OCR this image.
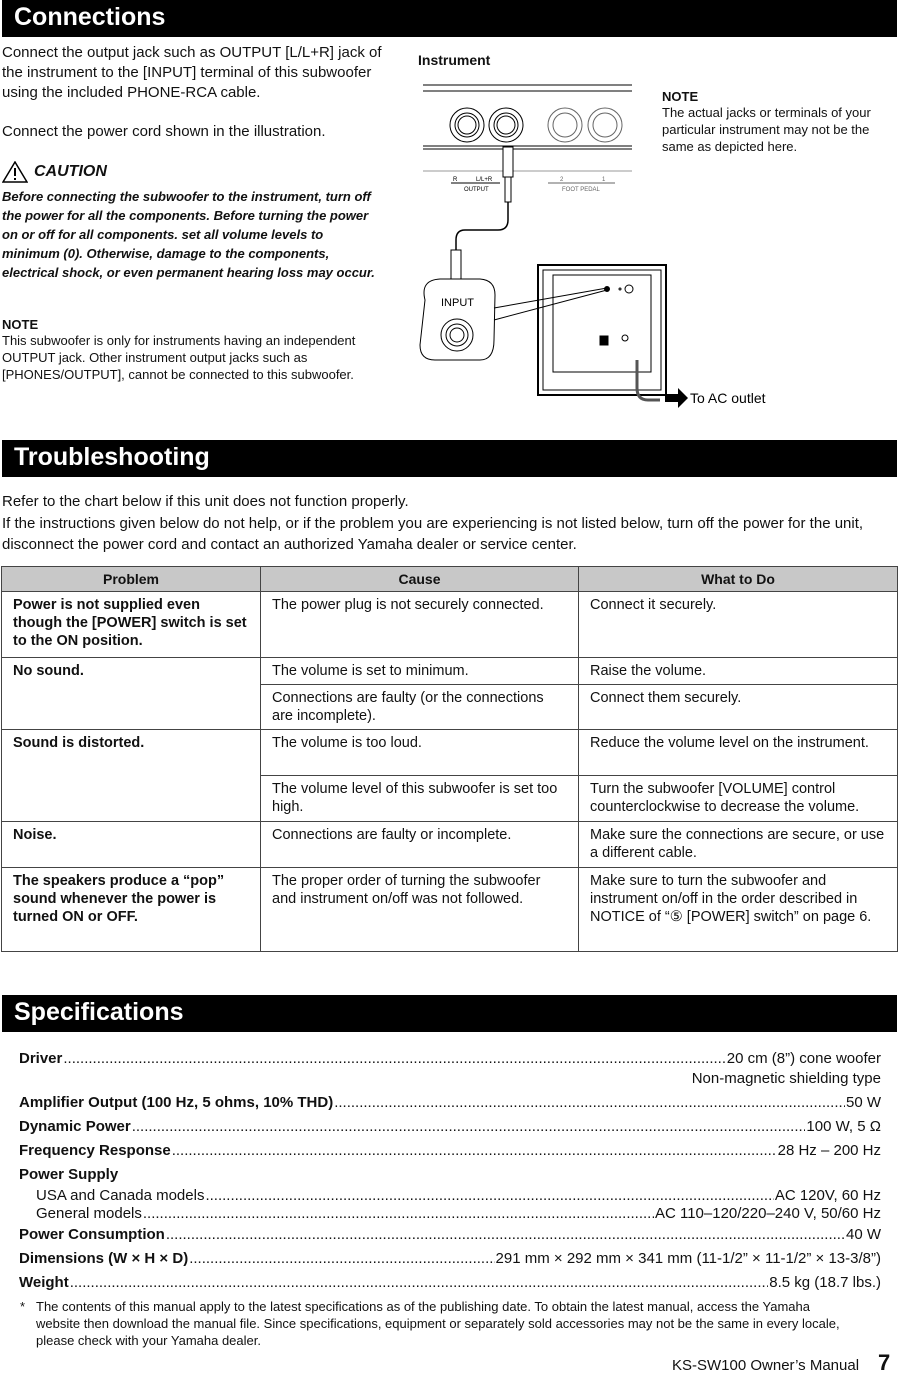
Connections
Connect the output jack such as OUTPUT [L/L+R] jack of the instrument to the [INPUT] terminal of this subwoofer using the included PHONE-RCA cable.
Connect the power cord shown in the illustration.
CAUTION
Before connecting the subwoofer to the instrument, turn off the power for all the components. Before turning the power on or off for all components. set all volume levels to minimum (0). Otherwise, damage to the components, electrical shock, or even permanent hearing loss may occur.
NOTE
This subwoofer is only for instruments having an independent OUTPUT jack. Other instrument output jacks such as [PHONES/OUTPUT], cannot be connected to this subwoofer.
Instrument
NOTE
The actual jacks or terminals of your particular instrument may not be the same as depicted here.
R	L/L+R
OUTPUT
2	1
FOOT PEDAL
INPUT
To AC outlet
Troubleshooting
Refer to the chart below if this unit does not function properly.
If the instructions given below do not help, or if the problem you are experiencing is not listed below, turn off the power for the unit, disconnect the power cord and contact an authorized Yamaha dealer or service center.
Problem	Cause	What to Do
Power is not supplied even though the [POWER] switch is set to the ON position.	The power plug is not securely connected.	Connect it securely.
No sound.	The volume is set to minimum.	Raise the volume.
	Connections are faulty (or the connections are incomplete).	Connect them securely.
Sound is distorted.	The volume is too loud.	Reduce the volume level on the instrument.
	The volume level of this subwoofer is set too high.	Turn the subwoofer [VOLUME] control counterclockwise to decrease the volume.
Noise.	Connections are faulty or incomplete.	Make sure the connections are secure, or use a different cable.
The speakers produce a “pop” sound whenever the power is turned ON or OFF.	The proper order of turning the subwoofer and instrument on/off was not followed.	Make sure to turn the subwoofer and instrument on/off in the order described in NOTICE of “⑤ [POWER] switch” on page 6.
Specifications
Driver .....	20 cm (8”) cone woofer
Non-magnetic shielding type
Amplifier Output (100 Hz, 5 ohms, 10% THD) .....	50 W
Dynamic Power .....	100 W, 5 Ω
Frequency Response .....	28 Hz – 200 Hz
Power Supply
USA and Canada models .....	AC 120V, 60 Hz
General models .....	AC 110–120/220–240 V, 50/60 Hz
Power Consumption .....	40 W
Dimensions (W × H × D) .....	291 mm × 292 mm × 341 mm (11-1/2” × 11-1/2” × 13-3/8”)
Weight .....	8.5 kg (18.7 lbs.)
* The contents of this manual apply to the latest specifications as of the publishing date. To obtain the latest manual, access the Yamaha website then download the manual file. Since specifications, equipment or separately sold accessories may not be the same in every locale, please check with your Yamaha dealer.
KS-SW100 Owner’s Manual 7
